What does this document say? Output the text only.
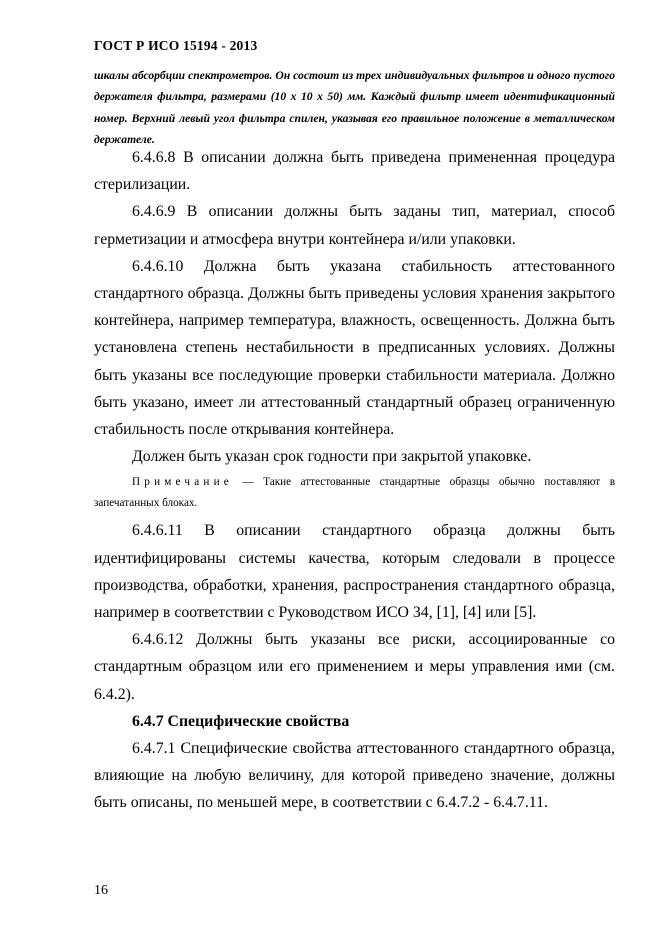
ГОСТ Р ИСО 15194 - 2013
шкалы абсорбции спектрометров. Он состоит из трех индивидуальных фильтров и одного пустого держателя фильтра, размерами (10 x 10 x 50) мм. Каждый фильтр имеет идентификационный номер. Верхний левый угол фильтра спилен, указывая его правильное положение в металлическом держателе.

6.4.6.8 В описании должна быть приведена примененная процедура стерилизации.

6.4.6.9 В описании должны быть заданы тип, материал, способ герметизации и атмосфера внутри контейнера и/или упаковки.

6.4.6.10 Должна быть указана стабильность аттестованного стандартного образца. Должны быть приведены условия хранения закрытого контейнера, например температура, влажность, освещенность. Должна быть установлена степень нестабильности в предписанных условиях. Должны быть указаны все последующие проверки стабильности материала. Должно быть указано, имеет ли аттестованный стандартный образец ограниченную стабильность после открывания контейнера.

Должен быть указан срок годности при закрытой упаковке.

Примечание — Такие аттестованные стандартные образцы обычно поставляют в запечатанных блоках.

6.4.6.11 В описании стандартного образца должны быть идентифицированы системы качества, которым следовали в процессе производства, обработки, хранения, распространения стандартного образца, например в соответствии с Руководством ИСО 34, [1], [4] или [5].

6.4.6.12 Должны быть указаны все риски, ассоциированные со стандартным образцом или его применением и меры управления ими (см. 6.4.2).

6.4.7 Специфические свойства

6.4.7.1 Специфические свойства аттестованного стандартного образца, влияющие на любую величину, для которой приведено значение, должны быть описаны, по меньшей мере, в соответствии с 6.4.7.2 - 6.4.7.11.

16
